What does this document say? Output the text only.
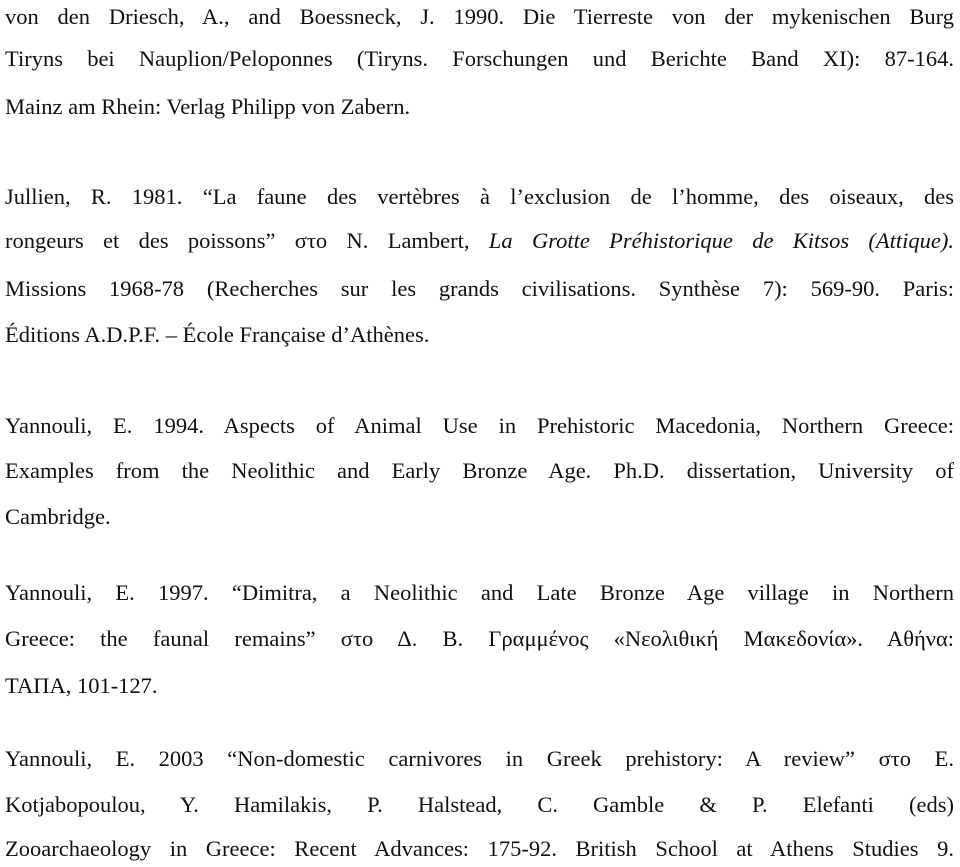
von den Driesch, A., and Boessneck, J. 1990. Die Tierreste von der mykenischen Burg
Tiryns bei Nauplion/Peloponnes (Tiryns. Forschungen und Berichte Band XI): 87-164.
Mainz am Rhein: Verlag Philipp von Zabern.
Jullien, R. 1981. “La faune des vertèbres à l’exclusion de l’homme, des oiseaux, des
rongeurs et des poissons” στο N. Lambert, La Grotte Préhistorique de Kitsos (Attique).
Missions 1968-78 (Recherches sur les grands civilisations. Synthèse 7): 569-90. Paris:
Éditions A.D.P.F. – École Française d’Athènes.
Yannouli, E. 1994. Aspects of Animal Use in Prehistoric Macedonia, Northern Greece:
Examples from the Neolithic and Early Bronze Age. Ph.D. dissertation, University of
Cambridge.
Yannouli, E. 1997. “Dimitra, a Neolithic and Late Bronze Age village in Northern
Greece: the faunal remains” στο Δ. Β. Γραμμένος «Νεολιθική Μακεδονία». Αθήνα:
ΤΑΠΑ, 101-127.
Yannouli, E. 2003 “Non-domestic carnivores in Greek prehistory: A review” στο E.
Kotjabopoulou, Y. Hamilakis, P. Halstead, C. Gamble & P. Elefanti (eds)
Zooarchaeology in Greece: Recent Advances: 175-92. British School at Athens Studies 9.
